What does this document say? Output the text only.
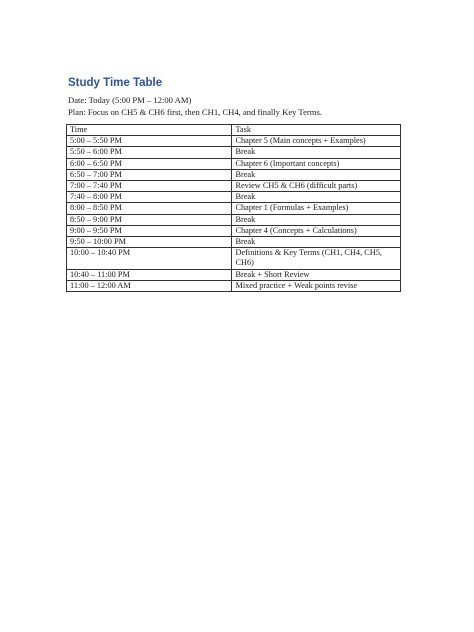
Study Time Table
Date: Today (5:00 PM – 12:00 AM)
Plan: Focus on CH5 & CH6 first, then CH1, CH4, and finally Key Terms.
Time	Task
5:00 – 5:50 PM	Chapter 5 (Main concepts + Examples)
5:50 – 6:00 PM	Break
6:00 – 6:50 PM	Chapter 6 (Important concepts)
6:50 – 7:00 PM	Break
7:00 – 7:40 PM	Review CH5 & CH6 (difficult parts)
7:40 – 8:00 PM	Break
8:00 – 8:50 PM	Chapter 1 (Formulas + Examples)
8:50 – 9:00 PM	Break
9:00 – 9:50 PM	Chapter 4 (Concepts + Calculations)
9:50 – 10:00 PM	Break
10:00 – 10:40 PM	Definitions & Key Terms (CH1, CH4, CH5, CH6)
10:40 – 11:00 PM	Break + Short Review
11:00 – 12:00 AM	Mixed practice + Weak points revise
